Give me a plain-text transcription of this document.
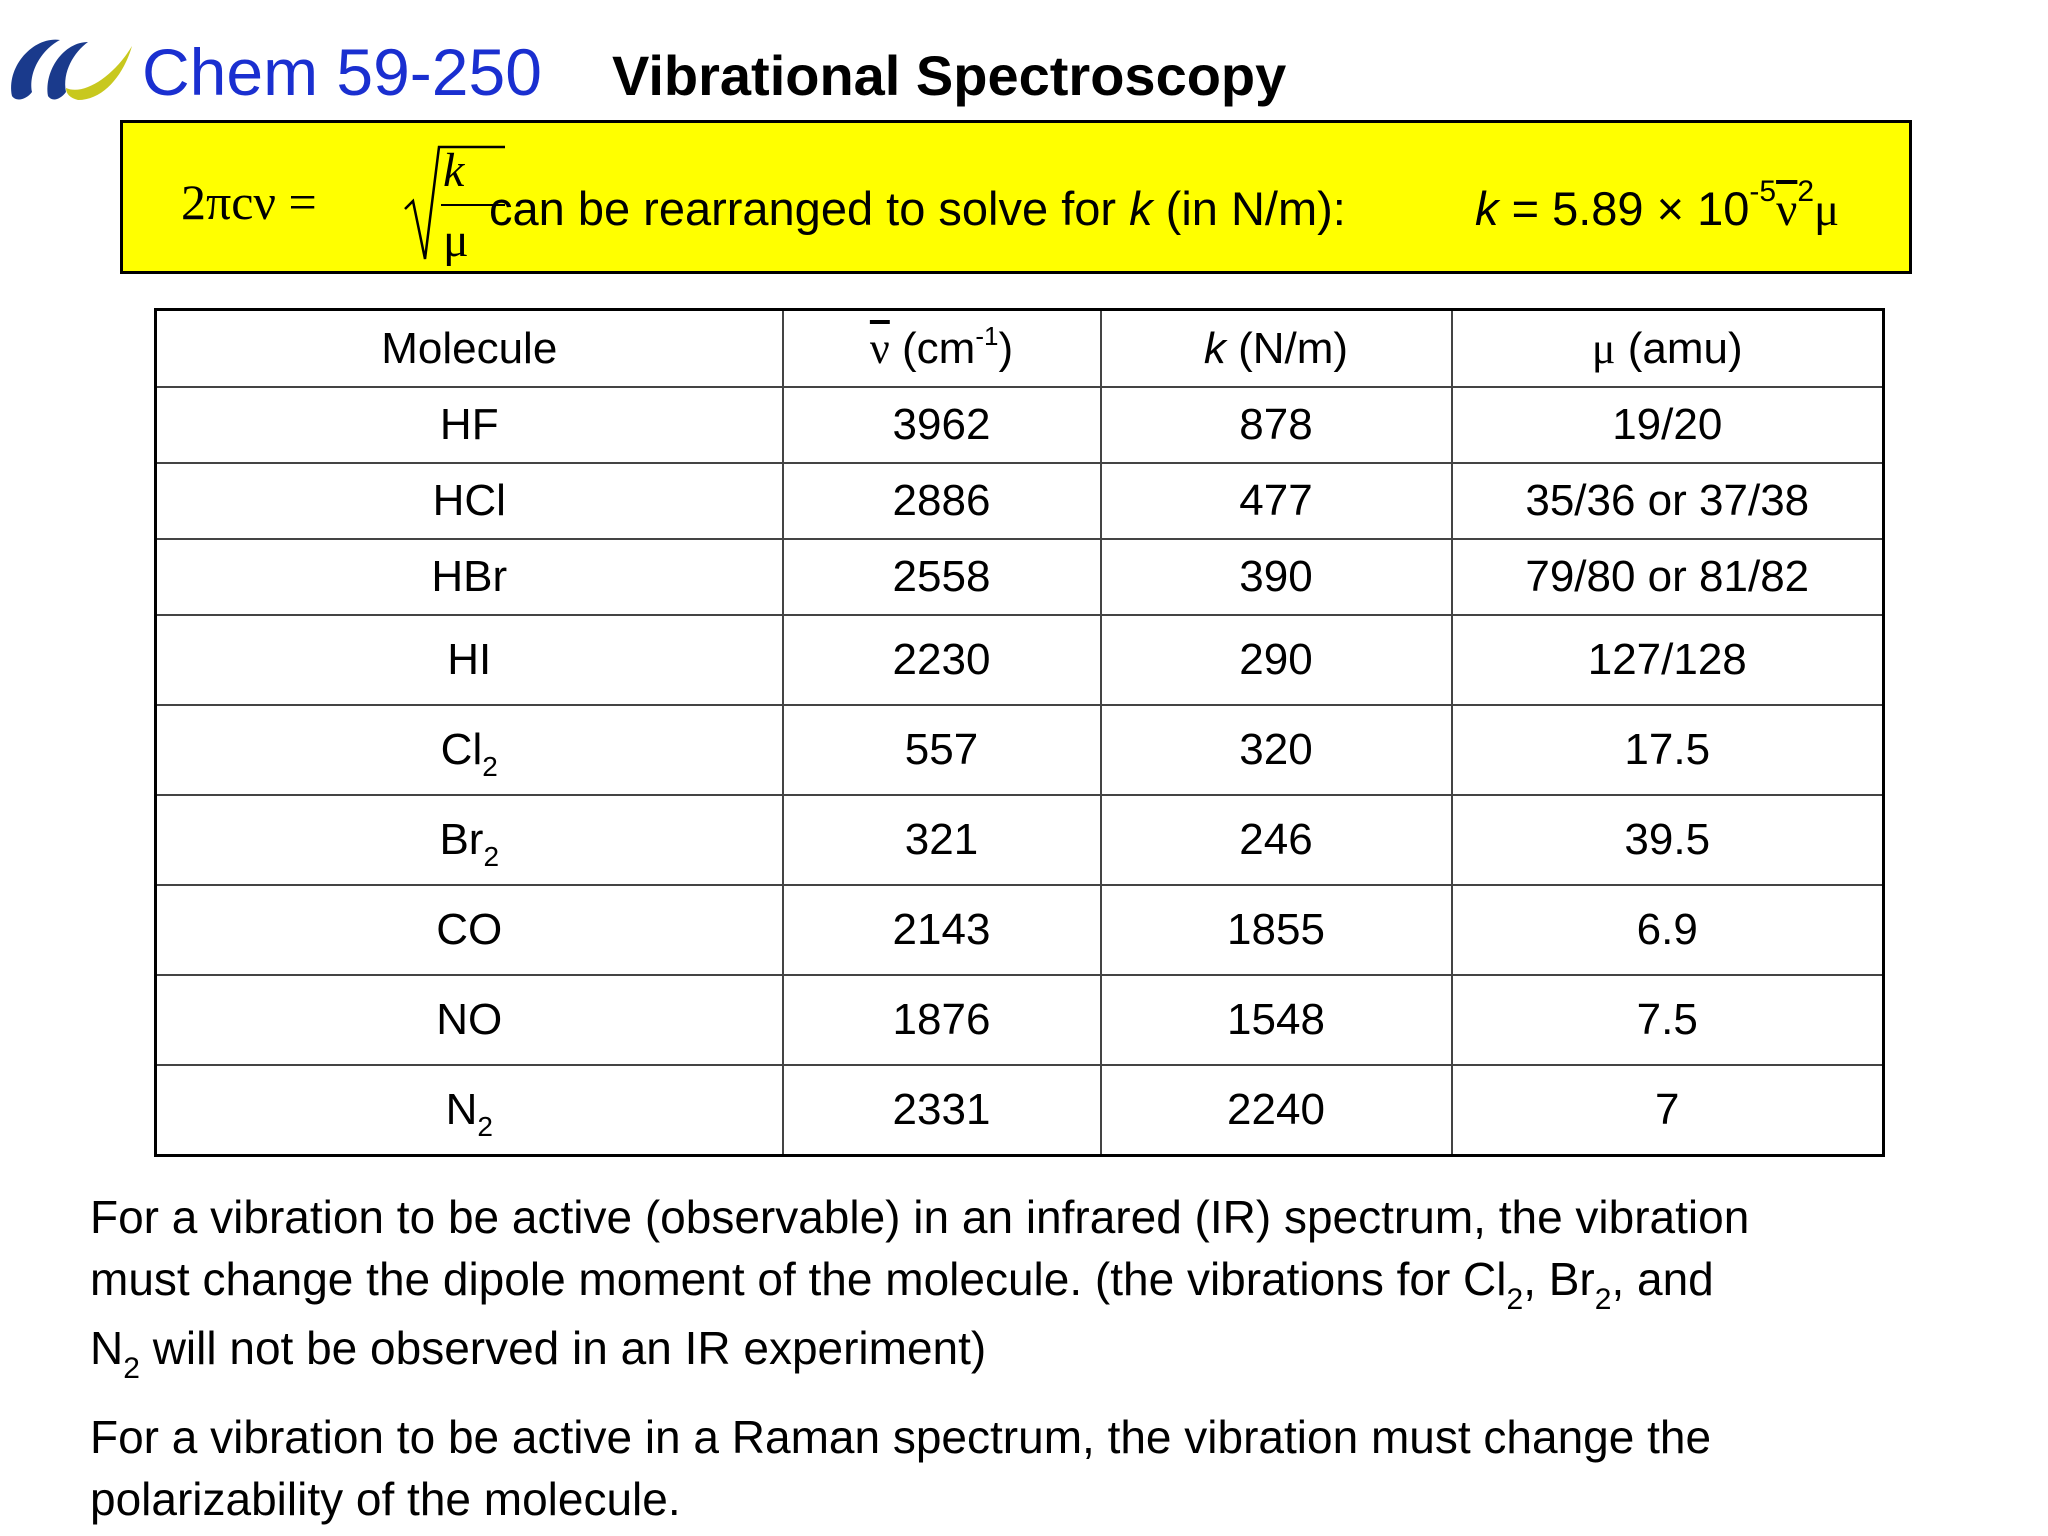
Chem 59-250 Vibrational Spectroscopy
2πcν =
k
μ
can be rearranged to solve for k (in N/m):	$k = 5.89 \times 10^{-5}\overline{\nu}^2\mu$
Molecule	$\overline{\nu}$ $(cm^{-1})$	k (N/m)	μ (amu)
HF	3962	878	19/20
HCl	2886	477	35/36 or 37/38
HBr	2558	390	79/80 or 81/82
HI	2230	290	127/128
$Cl_2$	557	320	17.5
$Br_2$	321	246	39.5
CO	2143	1855	6.9
NO	1876	1548	7.5
$N_2$	2331	2240	7
For a vibration to be active (observable) in an infrared (IR) spectrum, the vibration
must change the dipole moment of the molecule. (the vibrations for $Cl_2$, $Br_2$, and
$N_2$ will not be observed in an IR experiment)
For a vibration to be active in a Raman spectrum, the vibration must change the
polarizability of the molecule.
